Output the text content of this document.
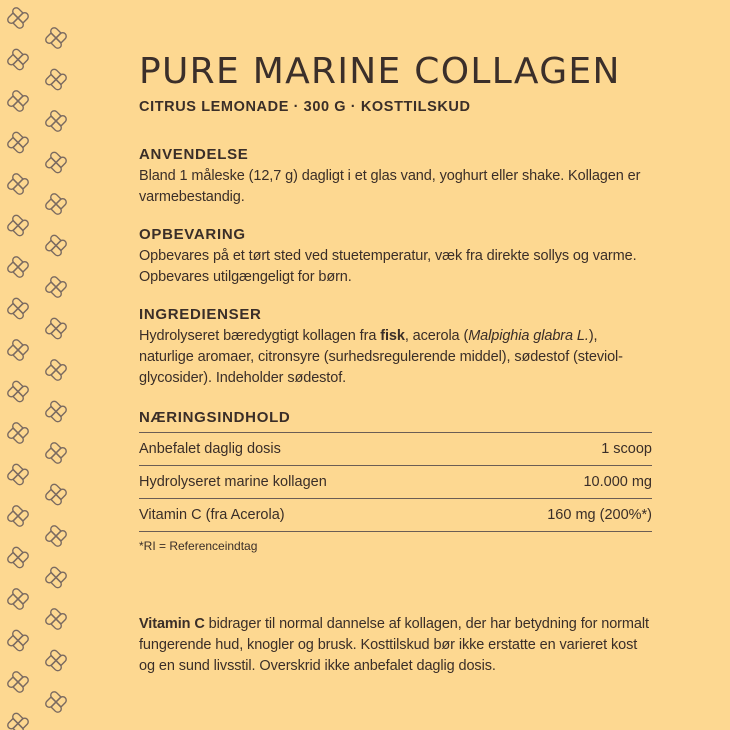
PURE MARINE COLLAGEN
CITRUS LEMONADE · 300 G · KOSTTILSKUD
ANVENDELSE

Bland 1 måleske (12,7 g) dagligt i et glas vand, yoghurt eller shake. Kollagen er varmebestandig.

OPBEVARING

Opbevares på et tørt sted ved stuetemperatur, væk fra direkte sollys og varme. Opbevares utilgængeligt for børn.

INGREDIENSER

Hydrolyseret bæredygtigt kollagen fra fisk, acerola (Malpighia glabra L.), naturlige aromaer, citronsyre (surhedsregulerende middel), sødestof (steviol-glycosider). Indeholder sødestof.

NÆRINGSINDHOLD
Anbefalet daglig dosis	1 scoop
Hydrolyseret marine kollagen	10.000 mg
Vitamin C (fra Acerola)	160 mg (200%*)
*RI = Referenceindtag

Vitamin C bidrager til normal dannelse af kollagen, der har betydning for normalt fungerende hud, knogler og brusk. Kosttilskud bør ikke erstatte en varieret kost og en sund livsstil. Overskrid ikke anbefalet daglig dosis.
